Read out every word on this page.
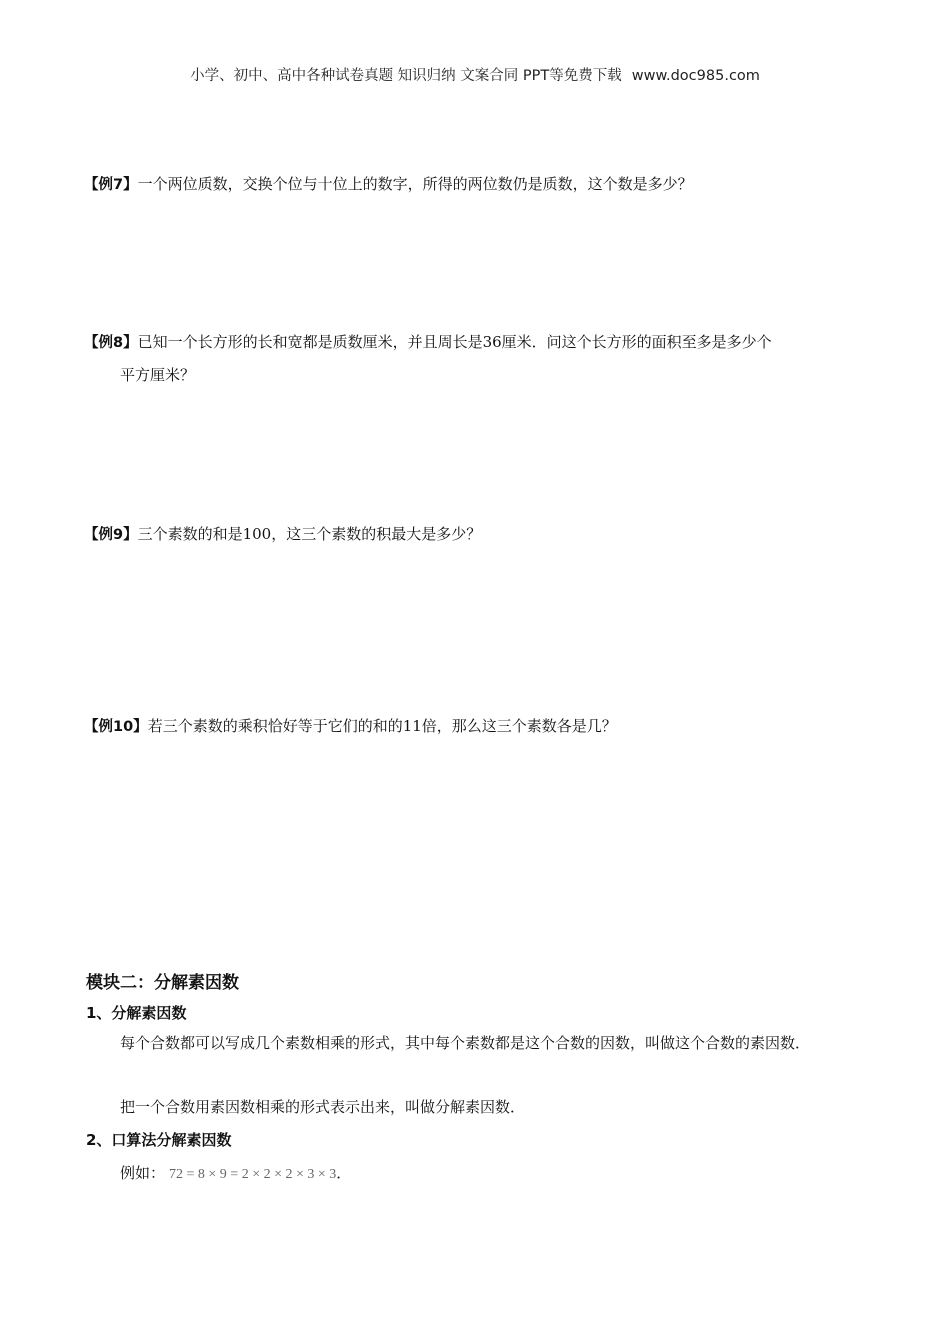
小学、初中、高中各种试卷真题 知识归纳 文案合同 PPT等免费下载 www.doc985.com
【例7】一个两位质数，交换个位与十位上的数字，所得的两位数仍是质数，这个数是多少？
【例8】已知一个长方形的长和宽都是质数厘米，并且周长是36厘米．问这个长方形的面积至多是多少个
平方厘米？
【例9】三个素数的和是100，这三个素数的积最大是多少？
【例10】若三个素数的乘积恰好等于它们的和的11倍，那么这三个素数各是几？
模块二：分解素因数
1、分解素因数
每个合数都可以写成几个素数相乘的形式，其中每个素数都是这个合数的因数，叫做这个合数的素因数．
把一个合数用素因数相乘的形式表示出来，叫做分解素因数．
2、口算法分解素因数
例如： 72 = 8 × 9 = 2 × 2 × 2 × 3 × 3．
